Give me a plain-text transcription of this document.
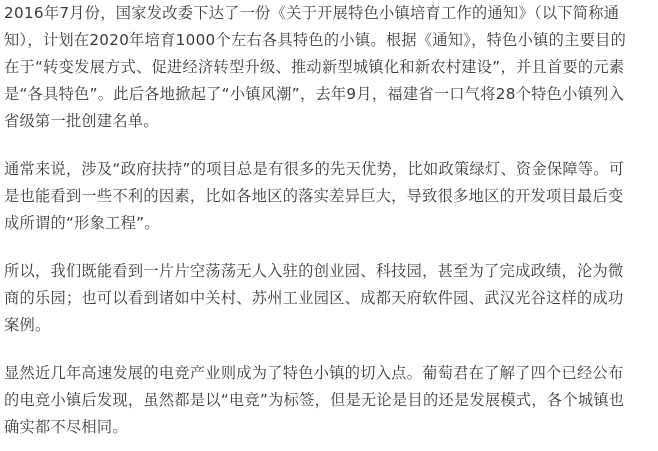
2016年7月份，国家发改委下达了一份《关于开展特色小镇培育工作的通知》（以下简称通
知），计划在2020年培育1000个左右各具特色的小镇。根据《通知》，特色小镇的主要目的
在于“转变发展方式、促进经济转型升级、推动新型城镇化和新农村建设”，并且首要的元素
是“各具特色”。此后各地掀起了“小镇风潮”，去年9月，福建省一口气将28个特色小镇列入
省级第一批创建名单。
通常来说，涉及“政府扶持”的项目总是有很多的先天优势，比如政策绿灯、资金保障等。可
是也能看到一些不利的因素，比如各地区的落实差异巨大，导致很多地区的开发项目最后变
成所谓的“形象工程”。
所以，我们既能看到一片片空荡荡无人入驻的创业园、科技园，甚至为了完成政绩，沦为微
商的乐园；也可以看到诸如中关村、苏州工业园区、成都天府软件园、武汉光谷这样的成功
案例。
显然近几年高速发展的电竞产业则成为了特色小镇的切入点。葡萄君在了解了四个已经公布
的电竞小镇后发现，虽然都是以“电竞”为标签，但是无论是目的还是发展模式，各个城镇也
确实都不尽相同。
